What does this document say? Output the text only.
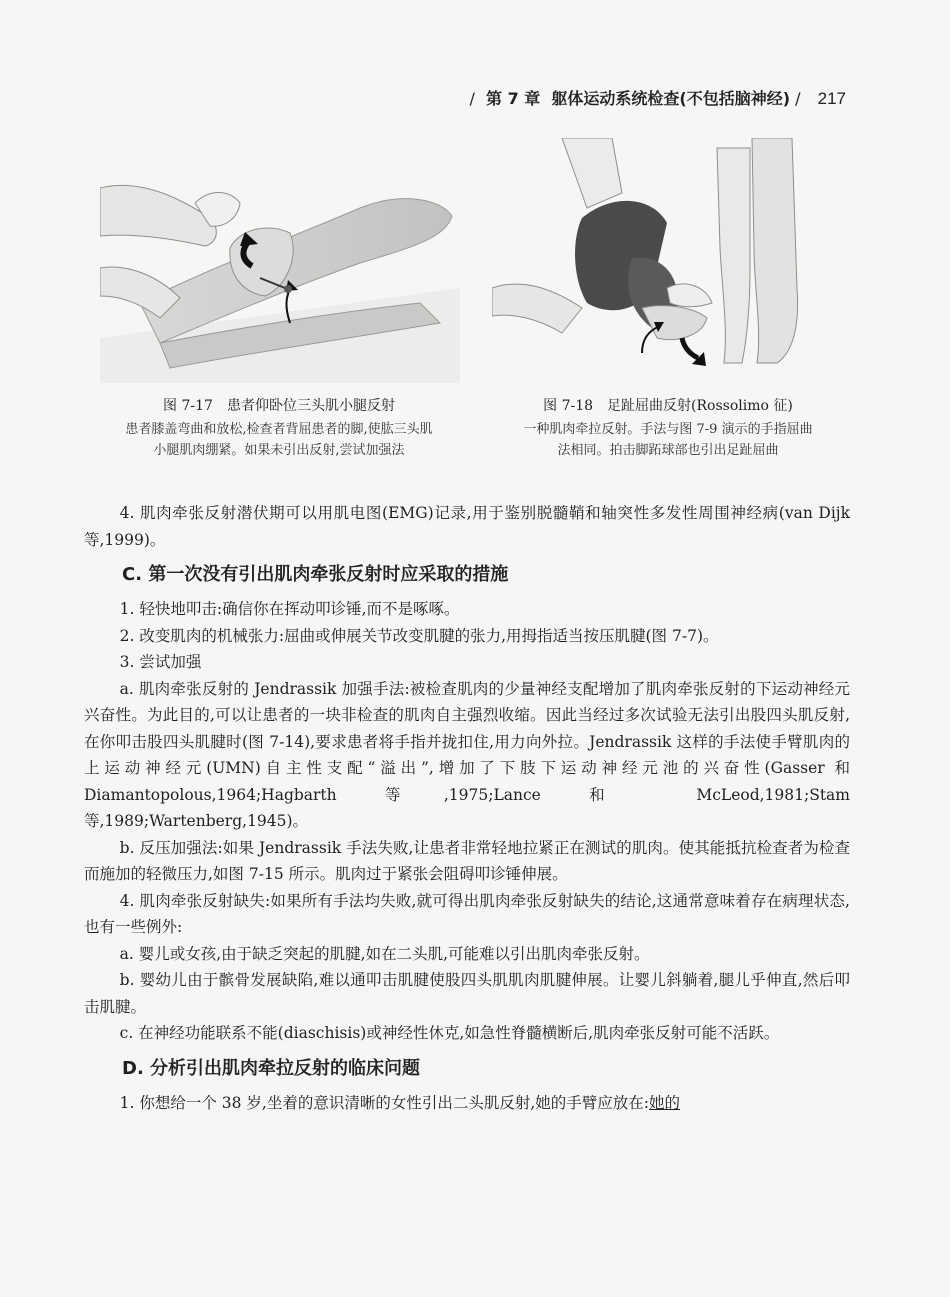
/ 第 7 章 躯体运动系统检查(不包括脑神经) / 217
图 7-17 患者仰卧位三头肌小腿反射
患者膝盖弯曲和放松,检查者背屈患者的脚,使肱三头肌
小腿肌肉绷紧。如果未引出反射,尝试加强法
图 7-18 足趾屈曲反射(Rossolimo 征)
一种肌肉牵拉反射。手法与图 7-9 演示的手指屈曲
法相同。拍击脚跖球部也引出足趾屈曲

4. 肌肉牵张反射潜伏期可以用肌电图(EMG)记录,用于鉴别脱髓鞘和轴突性多发性周围神经病(van Dijk 等,1999)。

C. 第一次没有引出肌肉牵张反射时应采取的措施

1. 轻快地叩击:确信你在挥动叩诊锤,而不是啄啄。

2. 改变肌肉的机械张力:屈曲或伸展关节改变肌腱的张力,用拇指适当按压肌腱(图 7-7)。

3. 尝试加强

a. 肌肉牵张反射的 Jendrassik 加强手法:被检查肌肉的少量神经支配增加了肌肉牵张反射的下运动神经元兴奋性。为此目的,可以让患者的一块非检查的肌肉自主强烈收缩。因此当经过多次试验无法引出股四头肌反射,在你叩击股四头肌腱时(图 7-14),要求患者将手指并拢扣住,用力向外拉。Jendrassik 这样的手法使手臂肌肉的上运动神经元(UMN)自主性支配“溢出”,增加了下肢下运动神经元池的兴奋性(Gasser 和 Diamantopolous,1964;Hagbarth 等,1975;Lance 和 McLeod,1981;Stam 等,1989;Wartenberg,1945)。

b. 反压加强法:如果 Jendrassik 手法失败,让患者非常轻地拉紧正在测试的肌肉。使其能抵抗检查者为检查而施加的轻微压力,如图 7-15 所示。肌肉过于紧张会阻碍叩诊锤伸展。

4. 肌肉牵张反射缺失:如果所有手法均失败,就可得出肌肉牵张反射缺失的结论,这通常意味着存在病理状态,也有一些例外:

a. 婴儿或女孩,由于缺乏突起的肌腱,如在二头肌,可能难以引出肌肉牵张反射。

b. 婴幼儿由于髌骨发展缺陷,难以通叩击肌腱使股四头肌肌肉肌腱伸展。让婴儿斜躺着,腿儿乎伸直,然后叩击肌腱。

c. 在神经功能联系不能(diaschisis)或神经性休克,如急性脊髓横断后,肌肉牵张反射可能不活跃。

D. 分析引出肌肉牵拉反射的临床问题

1. 你想给一个 38 岁,坐着的意识清晰的女性引出二头肌反射,她的手臂应放在:她的
